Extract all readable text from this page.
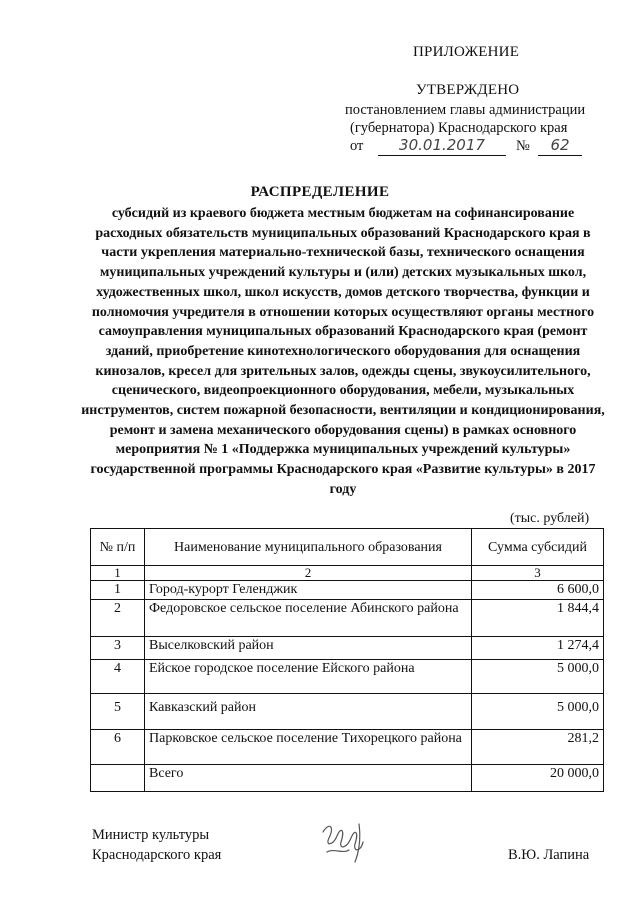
ПРИЛОЖЕНИЕ
УТВЕРЖДЕНО
постановлением главы администрации
(губернатора) Краснодарского края
от	30.01.2017	№	62
РАСПРЕДЕЛЕНИЕ
субсидий из краевого бюджета местным бюджетам на софинансирование расходных обязательств муниципальных образований Краснодарского края в части укрепления материально-технической базы, технического оснащения муниципальных учреждений культуры и (или) детских музыкальных школ, художественных школ, школ искусств, домов детского творчества, функции и полномочия учредителя в отношении которых осуществляют органы местного самоуправления муниципальных образований Краснодарского края (ремонт зданий, приобретение кинотехнологического оборудования для оснащения кинозалов, кресел для зрительных залов, одежды сцены, звукоусилительного, сценического, видеопроекционного оборудования, мебели, музыкальных инструментов, систем пожарной безопасности, вентиляции и кондиционирования, ремонт и замена механического оборудования сцены) в рамках основного мероприятия № 1 «Поддержка муниципальных учреждений культуры» государственной программы Краснодарского края «Развитие культуры» в 2017 году
(тыс. рублей)
№ п/п	Наименование муниципального образования	Сумма субсидий
1	2	3
1	Город-курорт Геленджик	6 600,0
2	Федоровское сельское поселение Абинского района	1 844,4
3	Выселковский район	1 274,4
4	Ейское городское поселение Ейского района	5 000,0
5	Кавказский район	5 000,0
6	Парковское сельское поселение Тихорецкого района	281,2
	Всего	20 000,0
Министр культуры
Краснодарского края	В.Ю. Лапина
